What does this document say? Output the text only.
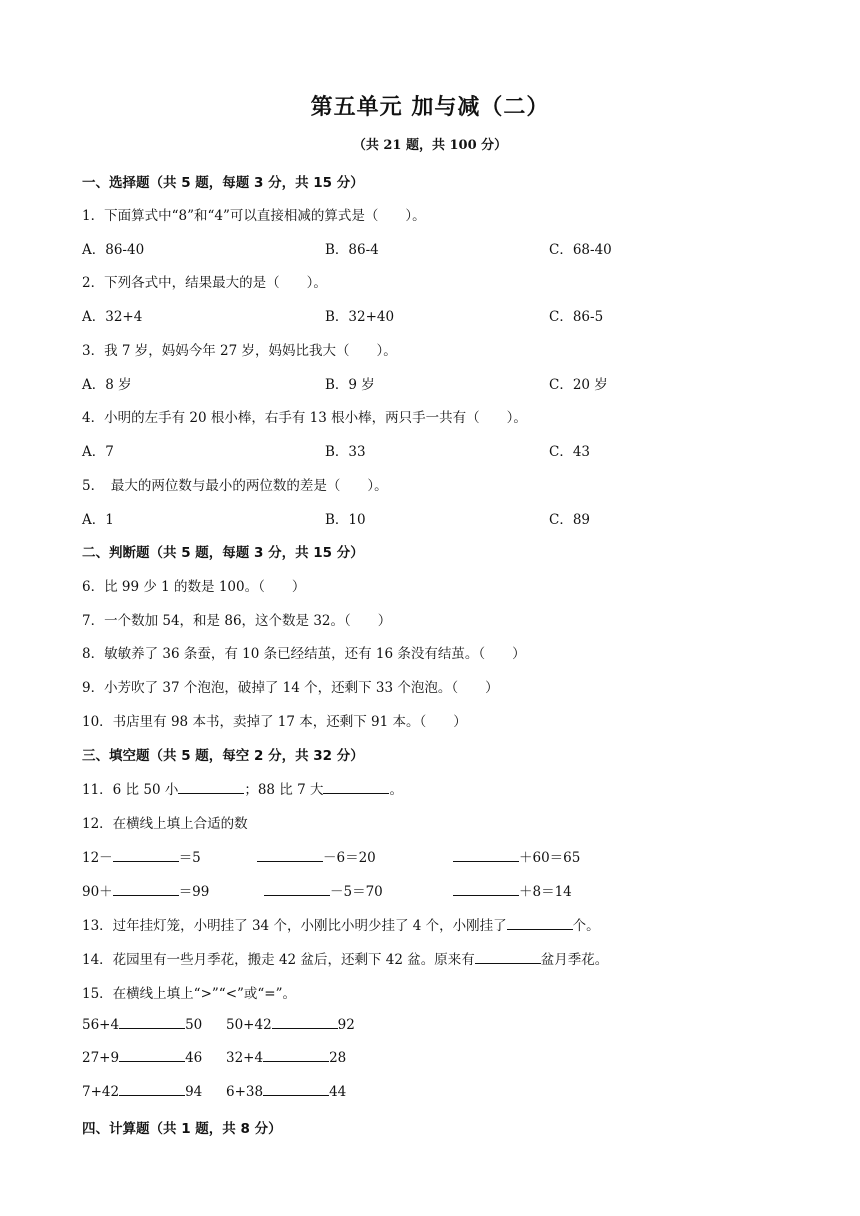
第五单元 加与减（二）
（共 21 题，共 100 分）
一、选择题（共 5 题，每题 3 分，共 15 分）
1．下面算式中“8”和“4”可以直接相减的算式是（　　）。
A．86-40	B．86-4	C．68-40
2．下列各式中，结果最大的是（　　）。
A．32+4	B．32+40	C．86-5
3．我 7 岁，妈妈今年 27 岁，妈妈比我大（　　）。
A．8 岁	B．9 岁	C．20 岁
4．小明的左手有 20 根小棒，右手有 13 根小棒，两只手一共有（　　）。
A．7	B．33	C．43
5．　最大的两位数与最小的两位数的差是（　　）。
A．1	B．10	C．89
二、判断题（共 5 题，每题 3 分，共 15 分）
6．比 99 少 1 的数是 100。（　　）
7．一个数加 54，和是 86，这个数是 32。（　　）
8．敏敏养了 36 条蚕，有 10 条已经结茧，还有 16 条没有结茧。（　　）
9．小芳吹了 37 个泡泡，破掉了 14 个，还剩下 33 个泡泡。（　　）
10．书店里有 98 本书，卖掉了 17 本，还剩下 91 本。（　　）
三、填空题（共 5 题，每空 2 分，共 32 分）
11．6 比 50 小	；88 比 7 大	。
12．在横线上填上合适的数
12－	＝5	－6＝20	＋60＝65
90＋	＝99	－5＝70	＋8＝14
13．过年挂灯笼，小明挂了 34 个，小刚比小明少挂了 4 个，小刚挂了	个。
14．花园里有一些月季花，搬走 42 盆后，还剩下 42 盆。原来有	盆月季花。
15．在横线上填上“>”“<”或“=”。
56+4	50 50+42	92
27+9	46 32+4	28
7+42	94 6+38	44
四、计算题（共 1 题，共 8 分）
